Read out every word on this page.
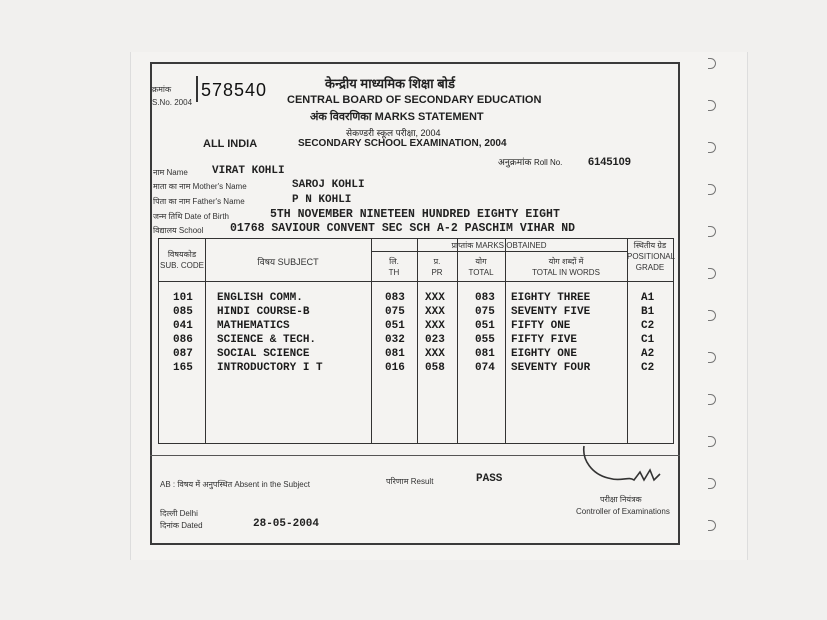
क्रमांक
S.No. 2004
578540	केन्द्रीय माध्यमिक शिक्षा बोर्ड
CENTRAL BOARD OF SECONDARY EDUCATION
अंक विवरणिका MARKS STATEMENT
सेकण्डरी स्कूल परीक्षा, 2004
SECONDARY SCHOOL EXAMINATION, 2004
ALL INDIA
अनुक्रमांक Roll No. 6145109
नाम Name VIRAT KOHLI
माता का नाम Mother's Name	SAROJ KOHLI
पिता का नाम Father's Name	P N KOHLI
जन्म तिथि Date of Birth	5TH NOVEMBER NINETEEN HUNDRED EIGHTY EIGHT
विद्यालय School 01768 SAVIOUR CONVENT SEC SCH A-2 PASCHIM VIHAR ND
विषयकोड
SUB. CODE	विषय SUBJECT
प्राप्तांक MARKS OBTAINED
लि.
TH
प्र.
PR
योग
TOTAL
योग शब्दों में
TOTAL IN WORDS
स्थितीय ग्रेड
POSITIONAL GRADE
101 ENGLISH COMM.	083 XXX	083 EIGHTY THREE	A1
085 HINDI COURSE-B	075 XXX	075 SEVENTY FIVE	B1
041 MATHEMATICS	051 XXX	051 FIFTY ONE	C2
086 SCIENCE & TECH.	032 023	055 FIFTY FIVE	C1
087 SOCIAL SCIENCE	081 XXX	081 EIGHTY ONE	A2
165 INTRODUCTORY I T	016 058	074 SEVENTY FOUR	C2
AB : विषय में अनुपस्थित Absent in the Subject	परिणाम Result	PASS
दिल्ली Delhi
दिनांक Dated	28-05-2004
परीक्षा नियंत्रक
Controller of Examinations
